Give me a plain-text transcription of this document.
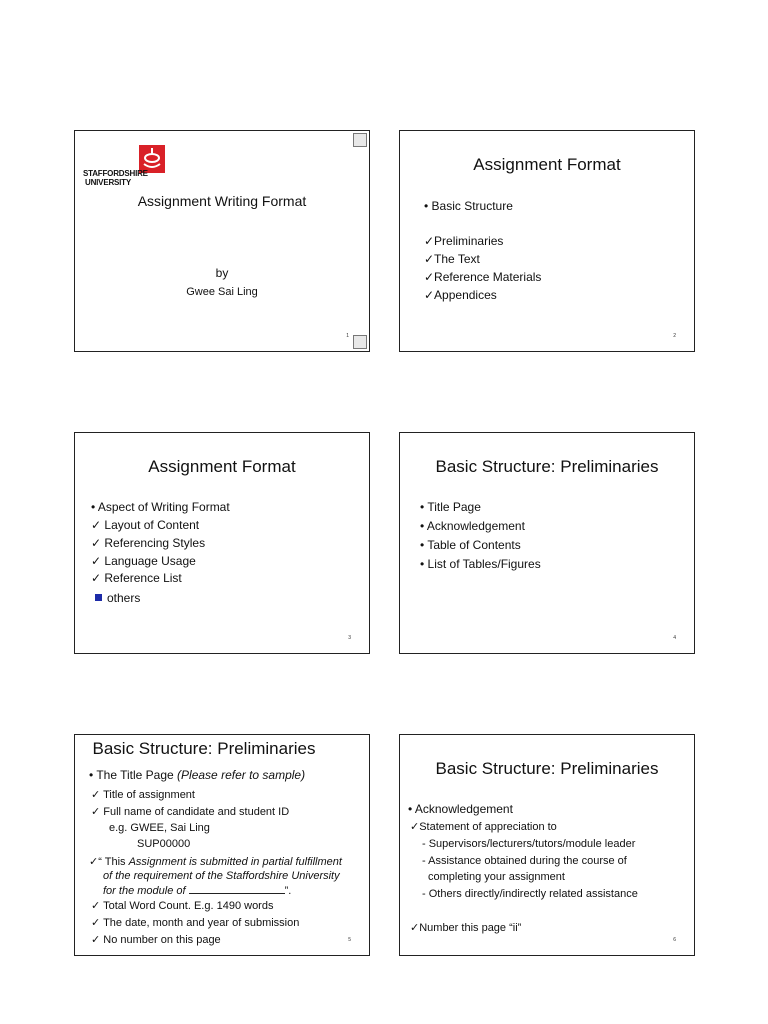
STAFFORDSHIRE
UNIVERSITY
Assignment Writing Format
by
Gwee Sai Ling
1
Assignment Format
• Basic Structure
✓Preliminaries
✓The Text
✓Reference Materials
✓Appendices
2
Assignment Format
• Aspect of Writing Format
✓ Layout of Content
✓ Referencing Styles
✓ Language Usage
✓ Reference List
others
3
Basic Structure: Preliminaries
• Title Page
• Acknowledgement
• Table of Contents
• List of Tables/Figures
4
Basic Structure: Preliminaries
• The Title Page (Please refer to sample)
✓ Title of assignment
✓ Full name of candidate and student ID
e.g. GWEE, Sai Ling
SUP00000
✓“ This Assignment is submitted in partial fulfillment
of the requirement of the Staffordshire University
for the module of	”.
✓ Total Word Count. E.g. 1490 words
✓ The date, month and year of submission
✓ No number on this page	5
Basic Structure: Preliminaries
• Acknowledgement
✓Statement of appreciation to
- Supervisors/lecturers/tutors/module leader
- Assistance obtained during the course of
completing your assignment
- Others directly/indirectly related assistance
✓Number this page “ii”
6
